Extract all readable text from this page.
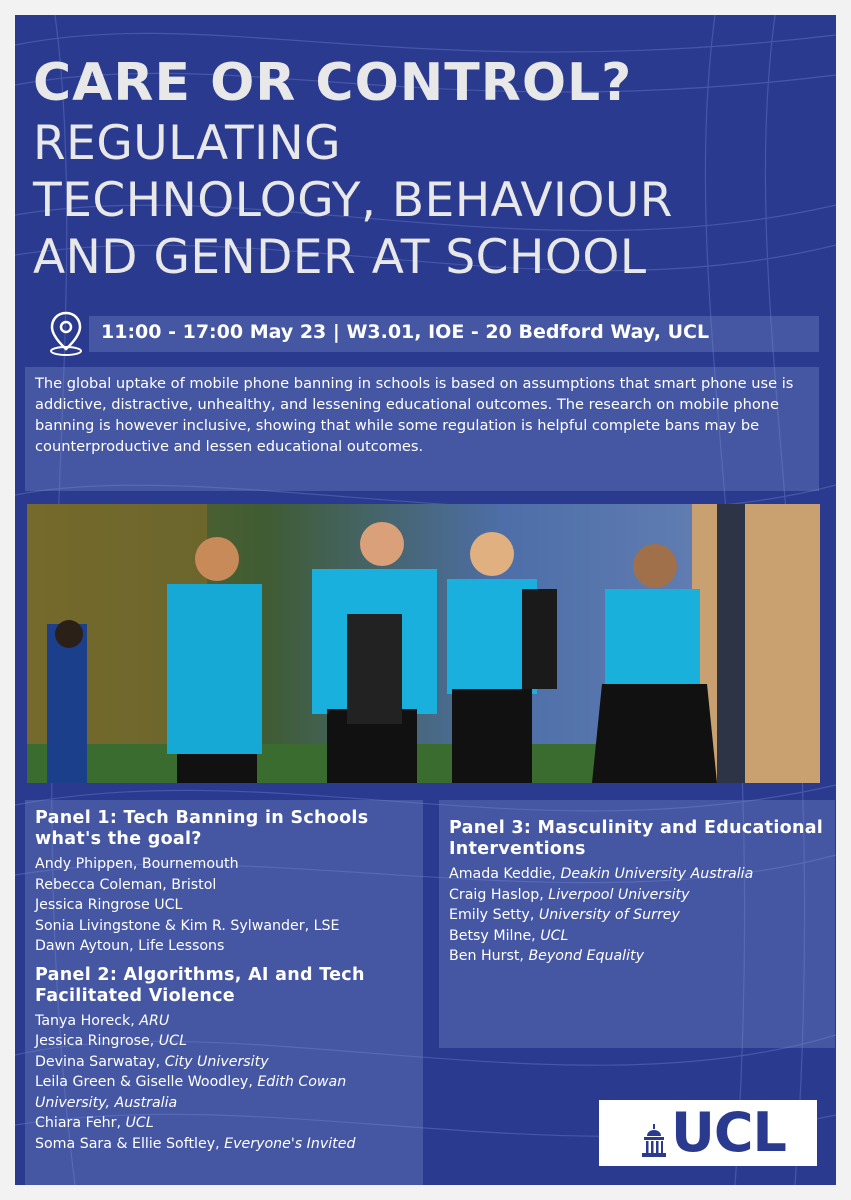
CARE OR CONTROL?
REGULATING
TECHNOLOGY, BEHAVIOUR
AND GENDER AT SCHOOL
11:00 - 17:00 May 23 | W3.01, IOE - 20 Bedford Way, UCL
The global uptake of mobile phone banning in schools is based on assumptions that smart phone use is addictive, distractive, unhealthy, and lessening educational outcomes. The research on mobile phone banning is however inclusive, showing that while some regulation is helpful complete bans may be counterproductive and lessen educational outcomes.
Panel 1: Tech Banning in Schools what's the goal?
Andy Phippen, Bournemouth
Rebecca Coleman, Bristol
Jessica Ringrose UCL
Sonia Livingstone & Kim R. Sylwander, LSE
Dawn Aytoun, Life Lessons
Panel 2: Algorithms, AI and Tech Facilitated Violence
Tanya Horeck, ARU
Jessica Ringrose, UCL
Devina Sarwatay, City University
Leila Green & Giselle Woodley, Edith Cowan University, Australia
Chiara Fehr, UCL
Soma Sara & Ellie Softley, Everyone's Invited
Panel 3: Masculinity and Educational Interventions
Amada Keddie, Deakin University Australia
Craig Haslop, Liverpool University
Emily Setty, University of Surrey
Betsy Milne, UCL
Ben Hurst, Beyond Equality
UCL
